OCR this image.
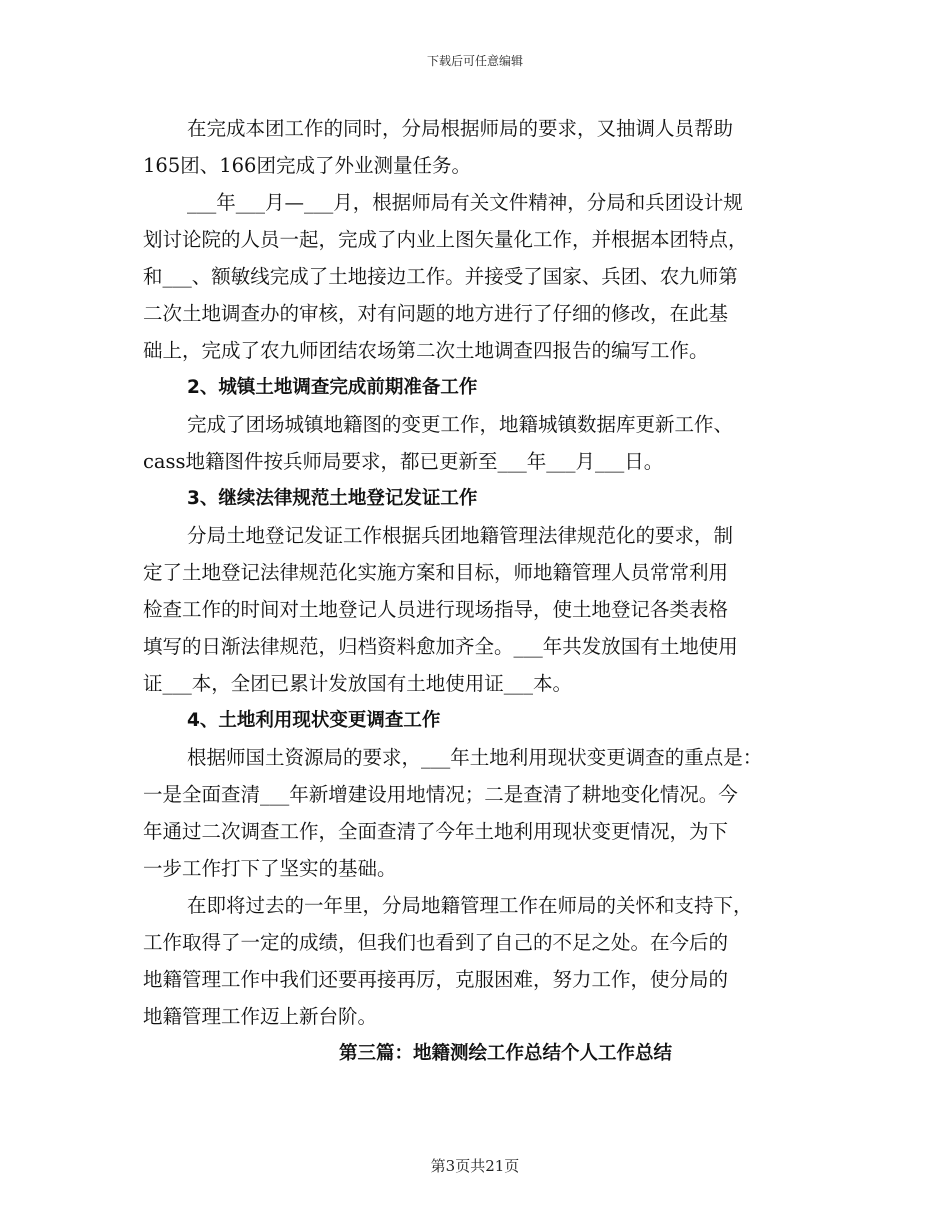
下载后可任意编辑
在完成本团工作的同时，分局根据师局的要求，又抽调人员帮助
165团、166团完成了外业测量任务。
___年___月—___月，根据师局有关文件精神，分局和兵团设计规
划讨论院的人员一起，完成了内业上图矢量化工作，并根据本团特点，
和___、额敏线完成了土地接边工作。并接受了国家、兵团、农九师第
二次土地调查办的审核，对有问题的地方进行了仔细的修改，在此基
础上，完成了农九师团结农场第二次土地调查四报告的编写工作。
2、城镇土地调查完成前期准备工作
完成了团场城镇地籍图的变更工作，地籍城镇数据库更新工作、
cass地籍图件按兵师局要求，都已更新至___年___月___日。
3、继续法律规范土地登记发证工作
分局土地登记发证工作根据兵团地籍管理法律规范化的要求，制
定了土地登记法律规范化实施方案和目标，师地籍管理人员常常利用
检查工作的时间对土地登记人员进行现场指导，使土地登记各类表格
填写的日渐法律规范，归档资料愈加齐全。___年共发放国有土地使用
证___本，全团已累计发放国有土地使用证___本。
4、土地利用现状变更调查工作
根据师国土资源局的要求，___年土地利用现状变更调查的重点是：
一是全面查清___年新增建设用地情况；二是查清了耕地变化情况。今
年通过二次调查工作，全面查清了今年土地利用现状变更情况，为下
一步工作打下了坚实的基础。
在即将过去的一年里，分局地籍管理工作在师局的关怀和支持下，
工作取得了一定的成绩，但我们也看到了自己的不足之处。在今后的
地籍管理工作中我们还要再接再厉，克服困难，努力工作，使分局的
地籍管理工作迈上新台阶。
第三篇：地籍测绘工作总结个人工作总结
第3页共21页
